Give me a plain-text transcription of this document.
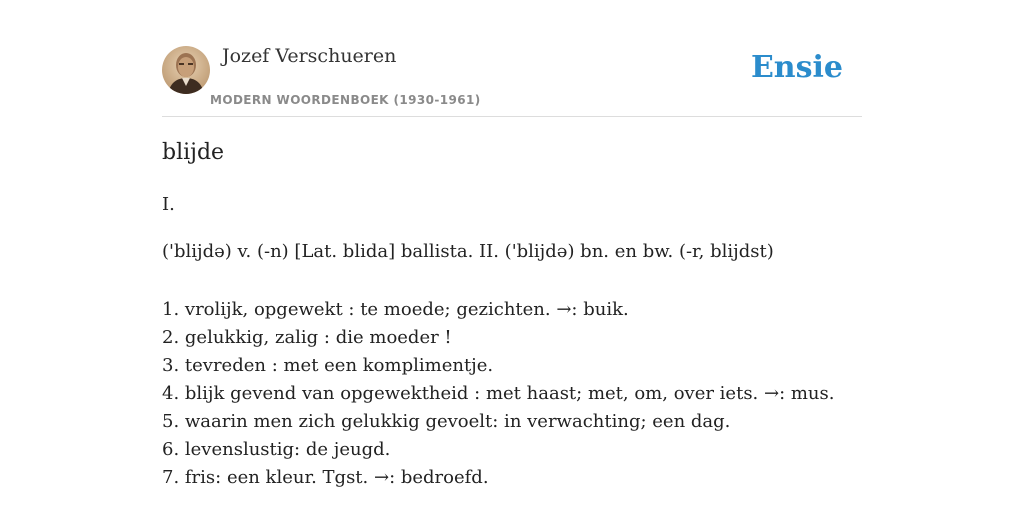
Jozef Verschueren
MODERN WOORDENBOEK (1930-1961)
Ensie
blijde
I.
('blijdə) v. (-n) [Lat. blida] ballista. II. ('blijdə) bn. en bw. (-r, blijdst)
1. vrolijk, opgewekt : te moede; gezichten. →: buik.
2. gelukkig, zalig : die moeder !
3. tevreden : met een komplimentje.
4. blijk gevend van opgewektheid : met haast; met, om, over iets. →: mus.
5. waarin men zich gelukkig gevoelt: in verwachting; een dag.
6. levenslustig: de jeugd.
7. fris: een kleur. Tgst. →: bedroefd.
